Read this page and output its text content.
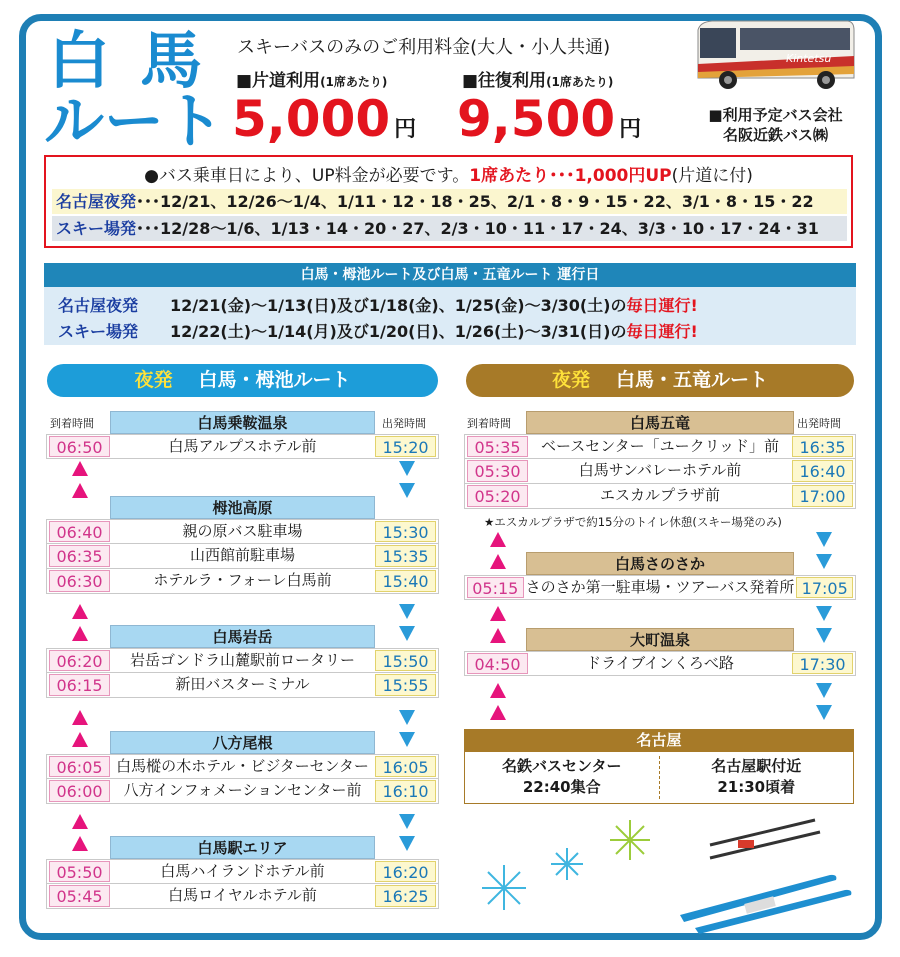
白馬
ルート
スキーバスのみのご利用料金(大人・小人共通)
■片道利用(1席あたり)
5,000 円
■往復利用(1席あたり)
9,500 円
Kintetsu
■利用予定バス会社
名阪近鉄バス㈱
●バス乗車日により、UP料金が必要です。1席あたり･･･1,000円UP(片道に付)
名古屋夜発･･･12/21、12/26～1/4、1/11・12・18・25、2/1・8・9・15・22、3/1・8・15・22
スキー場発･･･12/28～1/6、1/13・14・20・27、2/3・10・11・17・24、3/3・10・17・24・31
白馬・栂池ルート及び白馬・五竜ルート 運行日
名古屋夜発 12/21(金)～1/13(日)及び1/18(金)、1/25(金)～3/30(土)の毎日運行!
スキー場発 12/22(土)～1/14(月)及び1/20(日)、1/26(土)～3/31(日)の毎日運行!
夜発 白馬・栂池ルート	夜発 白馬・五竜ルート
到着時間	出発時間	到着時間	出発時間
白馬乗鞍温泉
06:50	白馬アルプスホテル前	15:20
栂池高原
06:40	親の原バス駐車場	15:30
06:35	山西館前駐車場	15:35
06:30	ホテルラ・フォーレ白馬前	15:40
白馬岩岳
06:20	岩岳ゴンドラ山麓駅前ロータリー	15:50
06:15	新田バスターミナル	15:55
八方尾根
06:05 白馬樅の木ホテル・ビジターセンター 16:05
06:00	八方インフォメーションセンター前	16:10
白馬駅エリア
05:50	白馬ハイランドホテル前	16:20
05:45	白馬ロイヤルホテル前	16:25
白馬五竜
05:35	ベースセンター「ユークリッド」前	16:35
05:30	白馬サンバレーホテル前	16:40
05:20	エスカルプラザ前	17:00
白馬さのさか
05:15 さのさか第一駐車場・ツアーバス発着所 17:05
大町温泉
04:50	ドライブインくろべ路	17:30
★エスカルプラザで約15分のトイレ休憩(スキー場発のみ)
名古屋
名鉄バスセンター
22:40集合
名古屋駅付近
21:30頃着
